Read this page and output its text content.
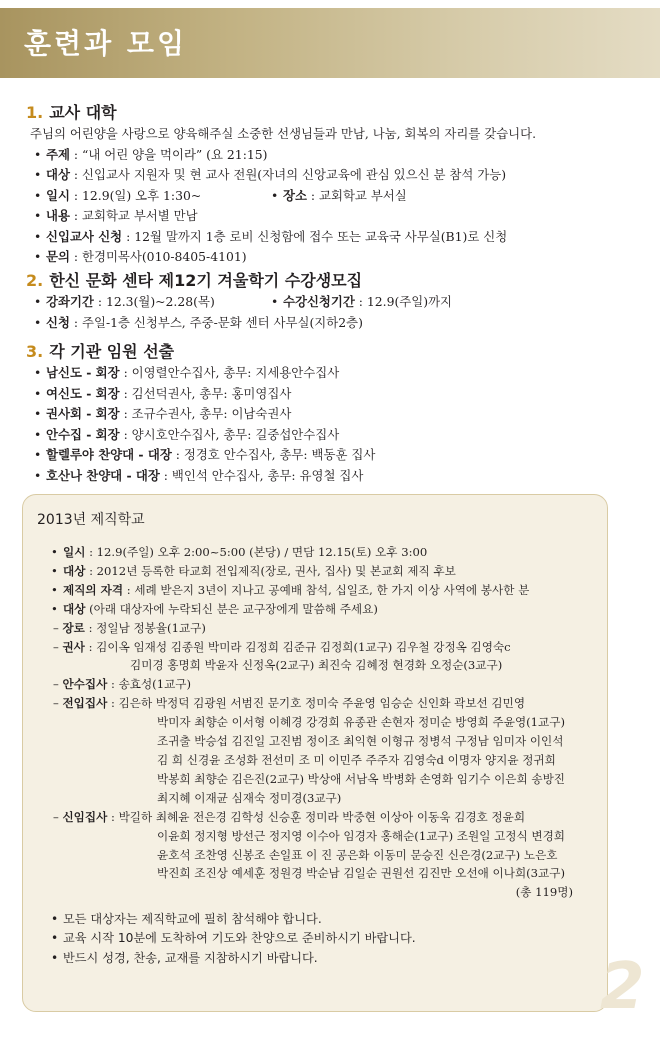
훈련과 모임
1. 교사 대학
주님의 어린양을 사랑으로 양육해주실 소중한 선생님들과 만남, 나눔, 회복의 자리를 갖습니다.
• 주제 : “내 어린 양을 먹이라” (요 21:15)
• 대상 : 신입교사 지원자 및 현 교사 전원(자녀의 신앙교육에 관심 있으신 분 참석 가능)
• 일시 : 12.9(일) 오후 1:30~	• 장소 : 교회학교 부서실
• 내용 : 교회학교 부서별 만남
• 신입교사 신청 : 12월 말까지 1층 로비 신청함에 접수 또는 교육국 사무실(B1)로 신청
• 문의 : 한경미목사(010-8405-4101)
2. 한신 문화 센타 제12기 겨울학기 수강생모집
• 강좌기간 : 12.3(월)~2.28(목)	• 수강신청기간 : 12.9(주일)까지
• 신청 : 주일-1층 신청부스, 주중-문화 센터 사무실(지하2층)
3. 각 기관 임원 선출
• 남신도 - 회장 : 이영렬안수집사, 총무: 지세용안수집사
• 여신도 - 회장 : 김선덕권사, 총무: 홍미영집사
• 권사회 - 회장 : 조규수권사, 총무: 이남숙권사
• 안수집 - 회장 : 양시호안수집사, 총무: 길중섭안수집사
• 할렐루야 찬양대 - 대장 : 정경호 안수집사, 총무: 백동훈 집사
• 호산나 찬양대 - 대장 : 백인석 안수집사, 총무: 유영철 집사
2013년 제직학교
• 일시 : 12.9(주일) 오후 2:00~5:00 (본당) / 면담 12.15(토) 오후 3:00
• 대상 : 2012년 등록한 타교회 전입제직(장로, 권사, 집사) 및 본교회 제직 후보
• 제직의 자격 : 세례 받은지 3년이 지나고 공예배 참석, 십일조, 한 가지 이상 사역에 봉사한 분
• 대상 (아래 대상자에 누락되신 분은 교구장에게 말씀해 주세요)
– 장로 : 정일남 정봉율(1교구)
– 권사 : 김이옥 임재성 김종원 박미라 김정희 김준규 김정희(1교구) 김우철 강정옥 김영숙c
김미경 홍명희 박윤자 신정옥(2교구) 최진숙 김혜정 현경화 오정순(3교구)
– 안수집사 : 송효성(1교구)
– 전입집사 : 김은하 박정덕 김광원 서범진 문기호 정미숙 주윤영 임승순 신인화 곽보선 김민영
박미자 최향순 이서형 이혜경 강경희 유종관 손현자 정미순 방영희 주윤영(1교구)
조귀출 박승섭 김진일 고진범 정이조 최익현 이형규 정병석 구정남 임미자 이인석
김 희 신경윤 조성화 전선미 조 미 이민주 주주자 김영숙d 이명자 양지윤 정귀희
박봉희 최향순 김은진(2교구) 박상애 서남옥 박병화 손영화 임기수 이은희 송방진
최지혜 이재균 심재숙 정미경(3교구)
– 신임집사 : 박길하 최혜윤 전은경 김학성 신승훈 정미라 박중현 이상아 이동욱 김경호 정윤희
이윤희 정지형 방선근 정지영 이수아 임경자 홍해순(1교구) 조원일 고정식 변경희
윤호석 조찬영 신봉조 손일표 이 진 공은화 이동미 문승진 신은경(2교구) 노은호
박진희 조진상 예세훈 정원경 박순남 김일순 권원선 김진만 오선애 이나희(3교구)
(총 119명)
• 모든 대상자는 제직학교에 필히 참석해야 합니다.
• 교육 시작 10분에 도착하여 기도와 찬양으로 준비하시기 바랍니다.
• 반드시 성경, 찬송, 교재를 지참하시기 바랍니다.	2
